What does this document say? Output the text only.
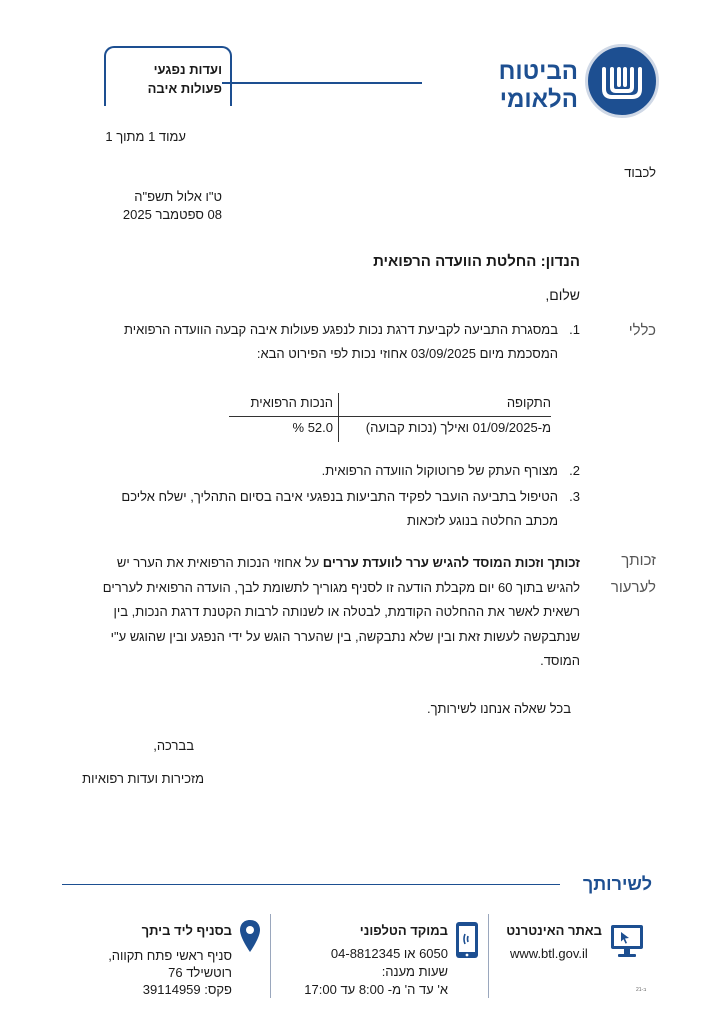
הביטוח הלאומי
ועדות נפגעי
פעולות איבה
עמוד 1 מתוך 1
לכבוד
ט"ו אלול תשפ"ה
08 ספטמבר 2025
הנדון: החלטת הוועדה הרפואית
שלום,
כללי
1.
במסגרת התביעה לקביעת דרגת נכות לנפגע פעולות איבה קבעה הוועדה הרפואית
המסכמת מיום 03/09/2025 אחוזי נכות לפי הפירוט הבא:
התקופה
הנכות הרפואית
מ-01/09/2025 ואילך (נכות קבועה)
52.0 %
2.
מצורף העתק של פרוטוקול הוועדה הרפואית.
3.
הטיפול בתביעה הועבר לפקיד התביעות בנפגעי איבה בסיום התהליך, ישלח אליכם
מכתב החלטה בנוגע לזכאות
זכותך
לערעור
זכותך וזכות המוסד להגיש ערר לוועדת עררים על אחוזי הנכות הרפואית את הערר יש
להגיש בתוך 60 יום מקבלת הודעה זו לסניף מגוריך לתשומת לבך, הועדה הרפואית לעררים
רשאית לאשר את ההחלטה הקודמת, לבטלה או לשנותה לרבות הקטנת דרגת הנכות, בין
שנתבקשה לעשות זאת ובין שלא נתבקשה, בין שהערר הוגש על ידי הנפגע ובין שהוגש ע"י
המוסד.
בכל שאלה אנחנו לשירותך.
בברכה,
מזכירות ועדות רפואיות
לשירותך
באתר האינטרנט
www.btl.gov.il
במוקד הטלפוני
6050 או 04-8812345
שעות מענה:
א' עד ה' מ- 8:00 עד 17:00
בסניף ליד ביתך
סניף ראשי פתח תקווה,
רוטשילד 76
פקס: 39114959	21-ב
